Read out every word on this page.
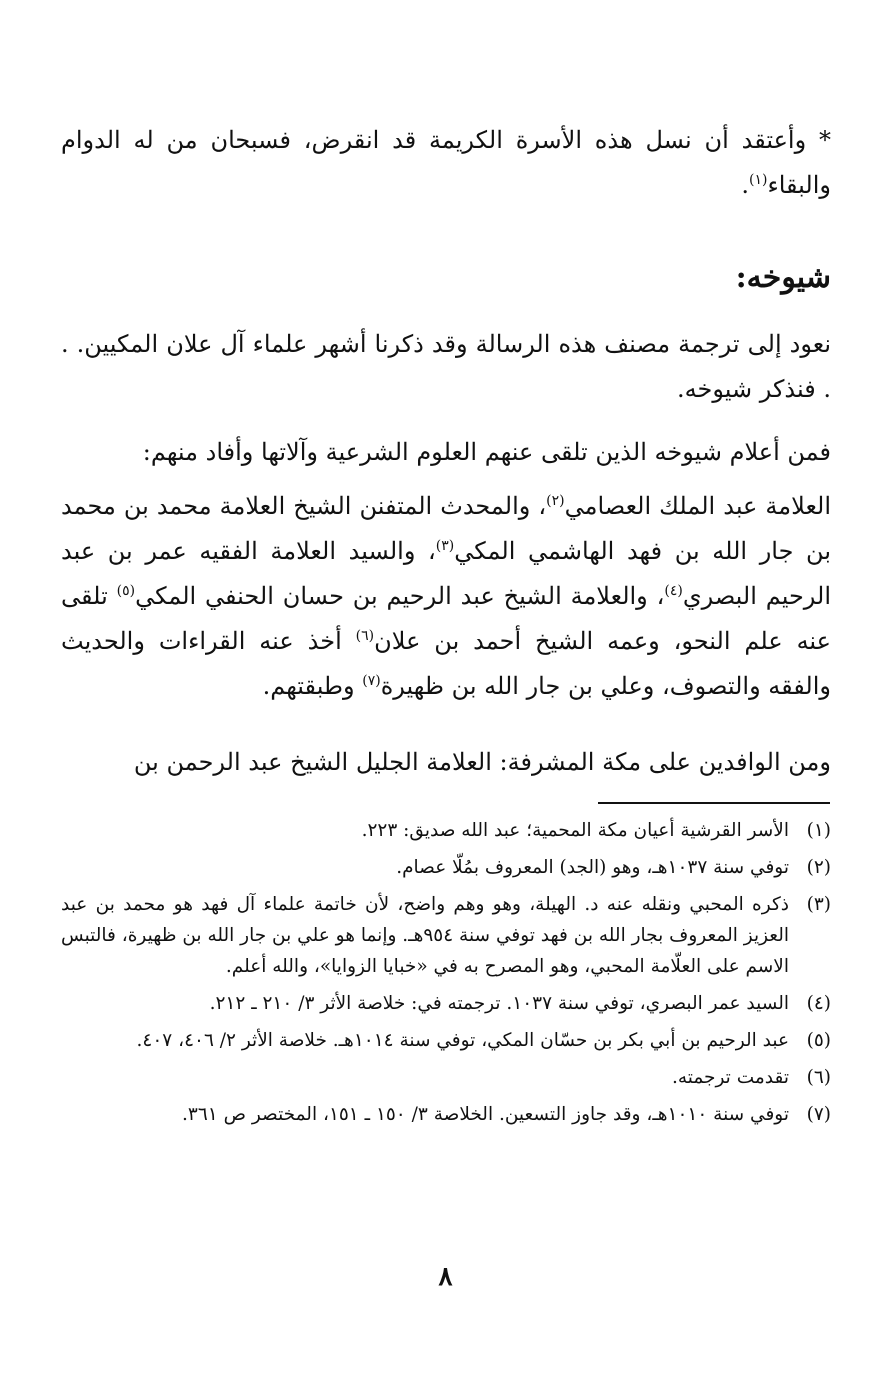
* وأعتقد أن نسل هذه الأسرة الكريمة قد انقرض، فسبحان من له الدوام والبقاء$^{(١)}$.
شيوخه:
نعود إلى ترجمة مصنف هذه الرسالة وقد ذكرنا أشهر علماء آل علان المكيين. . . فنذكر شيوخه.
فمن أعلام شيوخه الذين تلقى عنهم العلوم الشرعية وآلاتها وأفاد منهم:
العلامة عبد الملك العصامي$^{(٢)}$، والمحدث المتفنن الشيخ العلامة محمد بن محمد بن جار الله بن فهد الهاشمي المكي$^{(٣)}$، والسيد العلامة الفقيه عمر بن عبد الرحيم البصري$^{(٤)}$، والعلامة الشيخ عبد الرحيم بن حسان الحنفي المكي$^{(٥)}$ تلقى عنه علم النحو، وعمه الشيخ أحمد بن علان$^{(٦)}$ أخذ عنه القراءات والحديث والفقه والتصوف، وعلي بن جار الله بن ظهيرة$^{(٧)}$ وطبقتهم.
ومن الوافدين على مكة المشرفة: العلامة الجليل الشيخ عبد الرحمن بن
(١)
الأسر القرشية أعيان مكة المحمية؛ عبد الله صديق: ٢٢٣.
(٢)
توفي سنة ١٠٣٧هـ، وهو (الجد) المعروف بمُلّا عصام.
(٣)
ذكره المحبي ونقله عنه د. الهيلة، وهو وهم واضح، لأن خاتمة علماء آل فهد هو محمد بن عبد العزيز المعروف بجار الله بن فهد توفي سنة ٩٥٤هـ. وإنما هو علي بن جار الله بن ظهيرة، فالتبس الاسم على العلّامة المحبي، وهو المصرح به في «خبايا الزوايا»، والله أعلم.
(٤)
السيد عمر البصري، توفي سنة ١٠٣٧. ترجمته في: خلاصة الأثر ٣/ ٢١٠ ـ ٢١٢.
(٥)
عبد الرحيم بن أبي بكر بن حسّان المكي، توفي سنة ١٠١٤هـ. خلاصة الأثر ٢/ ٤٠٦، ٤٠٧.
(٦)
تقدمت ترجمته.
(٧)
توفي سنة ١٠١٠هـ، وقد جاوز التسعين. الخلاصة ٣/ ١٥٠ ـ ١٥١، المختصر ص ٣٦١.
٨
